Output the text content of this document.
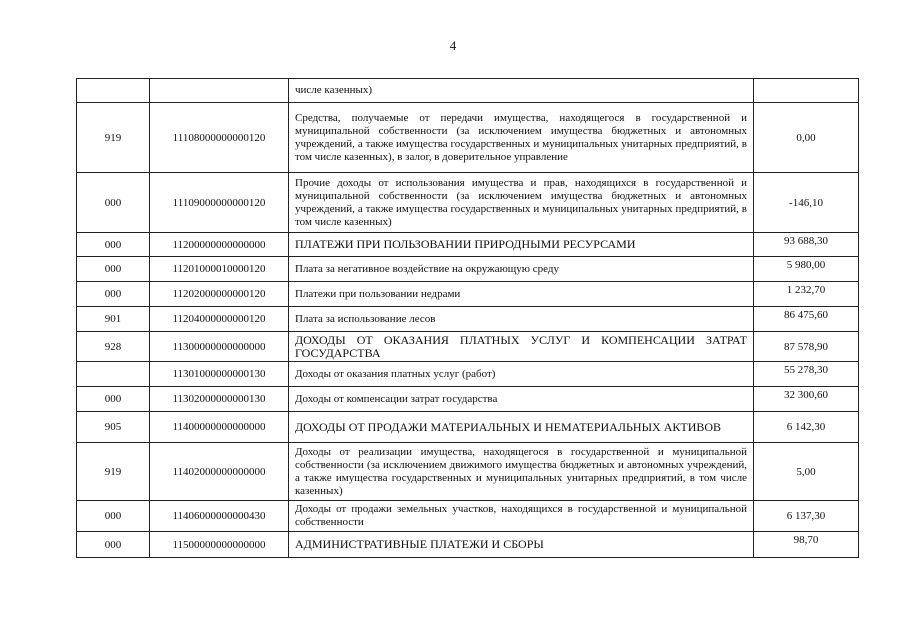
4
		числе казенных)	
919	11108000000000120	Средства, получаемые от передачи имущества, находящегося в государственной и муниципальной собственности (за исключением имущества бюджетных и автономных учреждений, а также имущества государственных и муниципальных унитарных предприятий, в том числе казенных), в залог, в доверительное управление	0,00
000	11109000000000120	Прочие доходы от использования имущества и прав, находящихся в государственной и муниципальной собственности (за исключением имущества бюджетных и автономных учреждений, а также имущества государственных и муниципальных унитарных предприятий, в том числе казенных)	-146,10
000	11200000000000000	ПЛАТЕЖИ ПРИ ПОЛЬЗОВАНИИ ПРИРОДНЫМИ РЕСУРСАМИ	93 688,30
000	11201000010000120	Плата за негативное воздействие на окружающую среду	5 980,00
000	11202000000000120	Платежи при пользовании недрами	1 232,70
901	11204000000000120	Плата за использование лесов	86 475,60
928	11300000000000000	ДОХОДЫ ОТ ОКАЗАНИЯ ПЛАТНЫХ УСЛУГ И КОМПЕНСАЦИИ ЗАТРАТ ГОСУДАРСТВА	87 578,90
	11301000000000130	Доходы от оказания платных услуг (работ)	55 278,30
000	11302000000000130	Доходы от компенсации затрат государства	32 300,60
905	11400000000000000	ДОХОДЫ ОТ ПРОДАЖИ МАТЕРИАЛЬНЫХ И НЕМАТЕРИАЛЬНЫХ АКТИВОВ	6 142,30
919	11402000000000000	Доходы от реализации имущества, находящегося в государственной и муниципальной собственности (за исключением движимого имущества бюджетных и автономных учреждений, а также имущества государственных и муниципальных унитарных предприятий, в том числе казенных)	5,00
000	11406000000000430	Доходы от продажи земельных участков, находящихся в государственной и муниципальной собственности	6 137,30
000	11500000000000000	АДМИНИСТРАТИВНЫЕ ПЛАТЕЖИ И СБОРЫ	98,70
